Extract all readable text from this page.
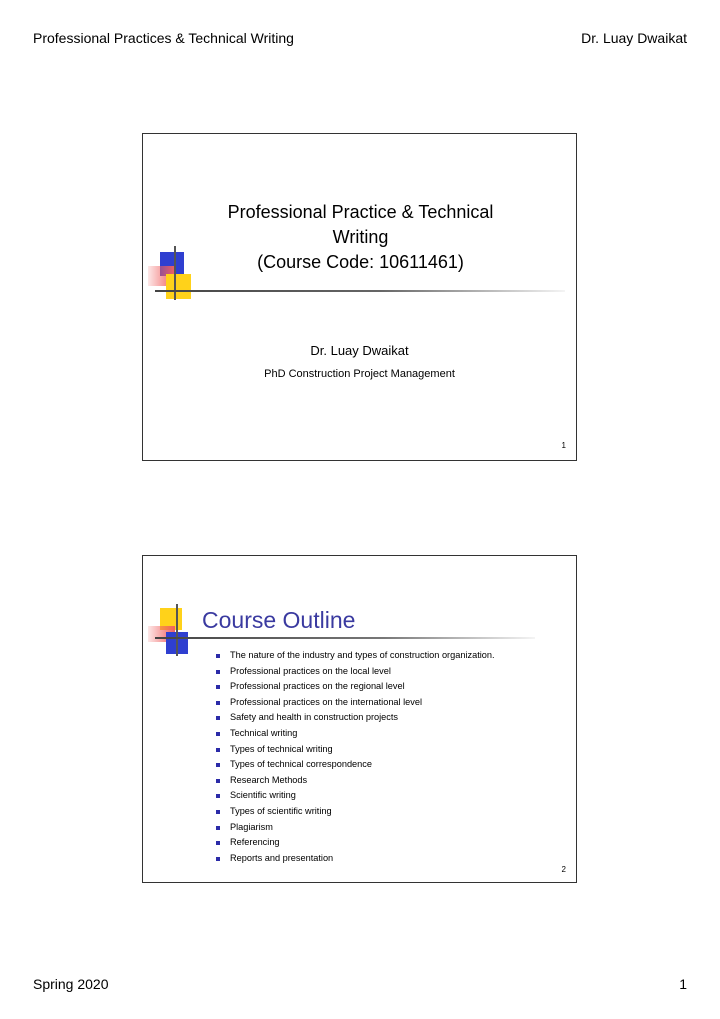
Professional Practices & Technical Writing	Dr. Luay Dwaikat
Professional Practice & Technical
Writing
(Course Code: 10611461)
Dr. Luay Dwaikat
PhD Construction Project Management
1
Course Outline
The nature of the industry and types of construction organization.
Professional practices on the local level
Professional practices on the regional level
Professional practices on the international level
Safety and health in construction projects
Technical writing
Types of technical writing
Types of technical correspondence
Research Methods
Scientific writing
Types of scientific writing
Plagiarism
Referencing
Reports and presentation
2
Spring 2020	1
